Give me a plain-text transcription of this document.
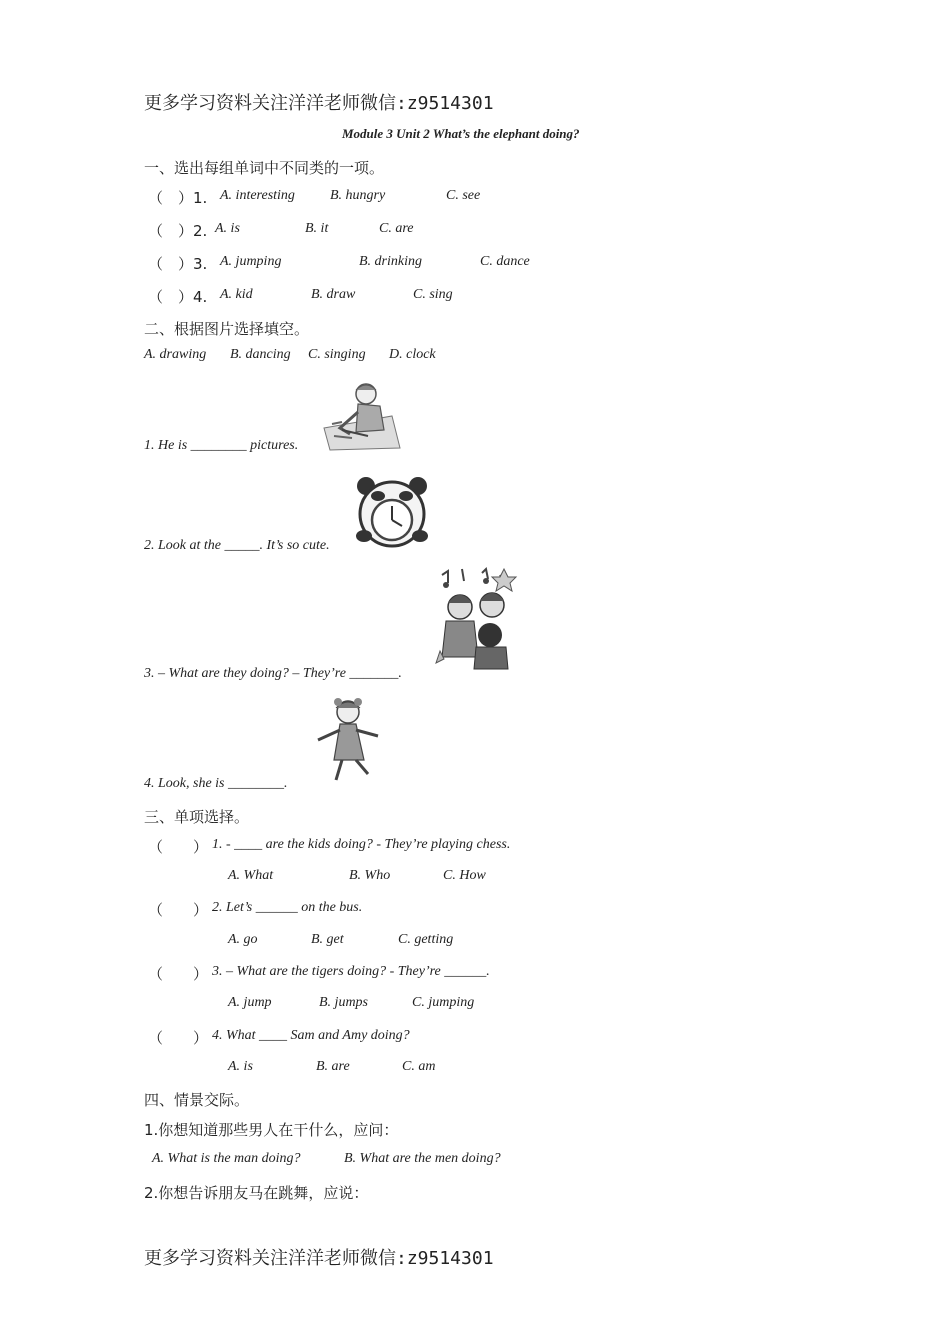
更多学习资料关注洋洋老师微信:z9514301
Module 3 Unit 2 What’s the elephant doing?
一、选出每组单词中不同类的一项。
（　）1. A. interesting	B. hungry	C. see
（　）2. A. is	B. it	C. are
（　）3. A. jumping	B. drinking	C. dance
（　）4. A. kid	B. draw	C. sing
二、根据图片选择填空。
A. drawing B. dancing C. singing D. clock
1. He is ________ pictures.
2. Look at the _____. It’s so cute.
3. – What are they doing? – They’re _______.
4. Look, she is ________.
三、单项选择。
（　　） 1. - ____ are the kids doing? - They’re playing chess.
A. What	B. Who	C. How
（　　） 2. Let’s ______ on the bus.
A. go	B. get	C. getting
（　　） 3. – What are the tigers doing? - They’re ______.
A. jump	B. jumps	C. jumping
（　　） 4. What ____ Sam and Amy doing?
A. is	B. are	C. am
四、情景交际。
1.你想知道那些男人在干什么，应问：
A. What is the man doing?	B. What are the men doing?
2.你想告诉朋友马在跳舞，应说：
更多学习资料关注洋洋老师微信:z9514301
